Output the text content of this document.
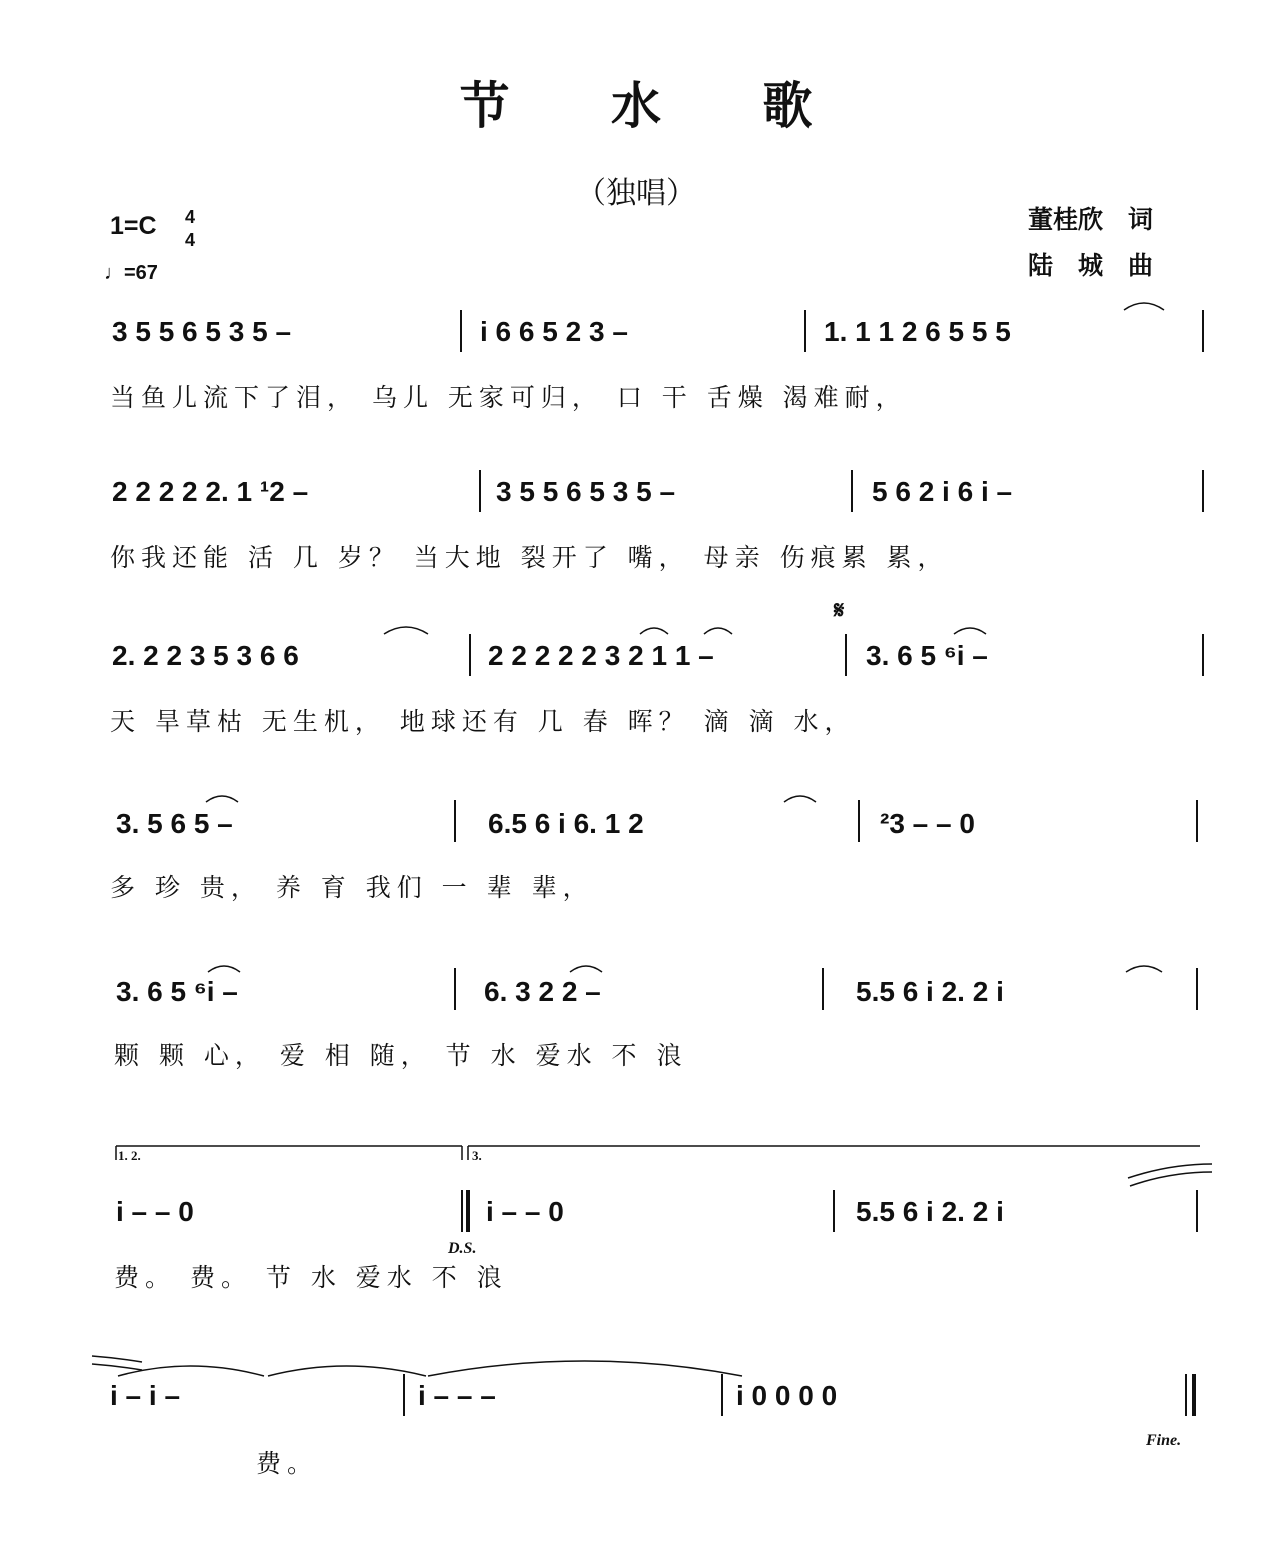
节 水 歌
（独唱）
董桂欣　词
陆　城　曲
1=C 4
4
♩=67
3 5 5 6 5 3 5 –	i 6 6 5 2 3 –	1. 1 1 2 6 5 5 5
当鱼儿流下了泪， 乌儿 无家可归， 口 干 舌燥 渴难耐，
2 2 2 2 2. 1 ¹2 –	3 5 5 6 5 3 5 –	5 6 2 i 6 i –
你我还能 活 几 岁？ 当大地 裂开了 嘴， 母亲 伤痕累 累，
2. 2 2 3 5 3 6 6	2 2 2 2 2 3 2 1 1 –	3. 6 5 ⁶i –
天 旱草枯 无生机， 地球还有 几 春 晖？ 滴 滴 水，
𝄋
3. 5 6 5 –	6.5 6 i 6. 1 2	²3 – – 0
多 珍 贵， 养 育 我们 一 辈 辈，
3. 6 5 ⁶i –	6. 3 2 2 –	5.5 6 i 2. 2 i
颗 颗 心， 爱 相 随， 节 水 爱水 不 浪
1. 2.	3.
i – – 0	i – – 0	5.5 6 i 2. 2 i
D.S.
费。 费。 节 水 爱水 不 浪
i – i –	i – – –	i 0 0 0 0
费。
Fine.
